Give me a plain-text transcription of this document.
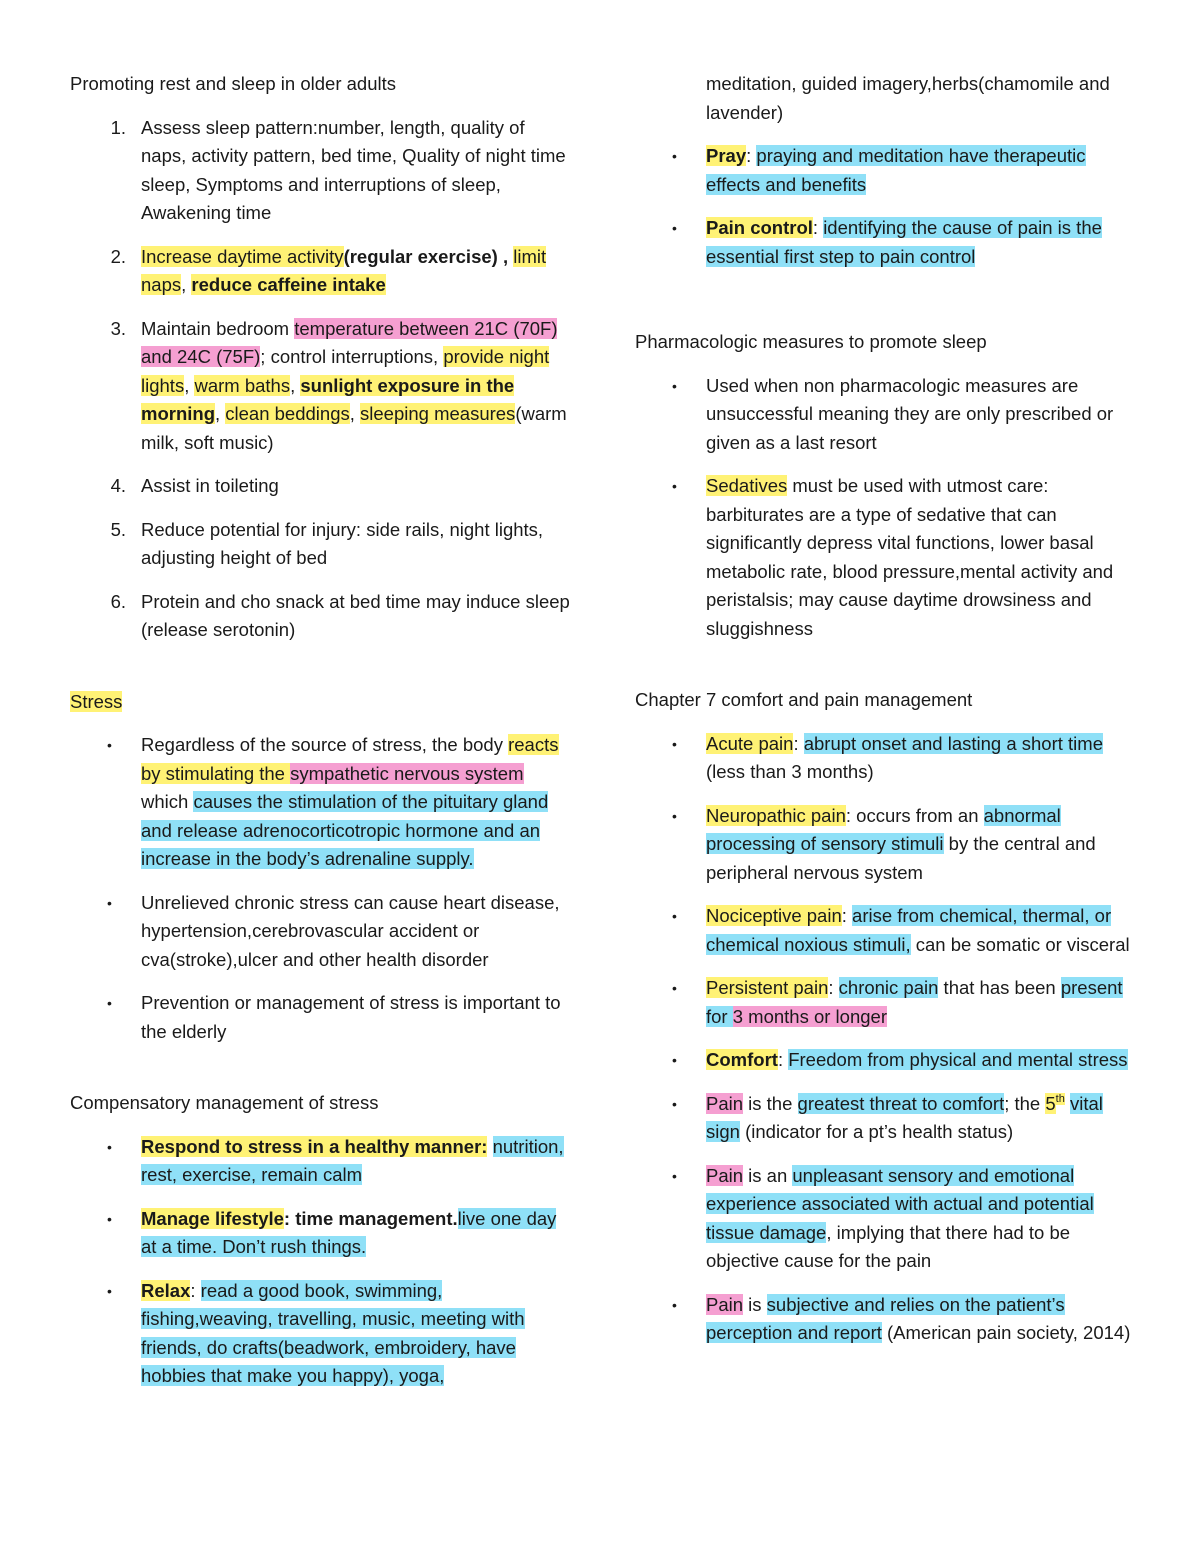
Promoting rest and sleep in older adults
1. Assess sleep pattern:number, length, quality of naps, activity pattern, bed time, Quality of night time sleep, Symptoms and interruptions of sleep, Awakening time
2. Increase daytime activity(regular exercise) , limit naps, reduce caffeine intake
3. Maintain bedroom temperature between 21C (70F) and 24C (75F); control interruptions, provide night lights, warm baths, sunlight exposure in the morning, clean beddings, sleeping measures(warm milk, soft music)
4. Assist in toileting
5. Reduce potential for injury: side rails, night lights, adjusting height of bed
6. Protein and cho snack at bed time may induce sleep (release serotonin)
Stress
• Regardless of the source of stress, the body reacts by stimulating the sympathetic nervous system which causes the stimulation of the pituitary gland and release adrenocorticotropic hormone and an increase in the body’s adrenaline supply.
• Unrelieved chronic stress can cause heart disease, hypertension,cerebrovascular accident or cva(stroke),ulcer and other health disorder
• Prevention or management of stress is important to the elderly
Compensatory management of stress
• Respond to stress in a healthy manner: nutrition, rest, exercise, remain calm
• Manage lifestyle: time management.live one day at a time. Don’t rush things.
• Relax: read a good book, swimming, fishing,weaving, travelling, music, meeting with friends, do crafts(beadwork, embroidery, have hobbies that make you happy), yoga,
meditation, guided imagery,herbs(chamomile and lavender)
• Pray: praying and meditation have therapeutic effects and benefits
• Pain control: identifying the cause of pain is the essential first step to pain control
Pharmacologic measures to promote sleep
• Used when non pharmacologic measures are unsuccessful meaning they are only prescribed or given as a last resort
• Sedatives must be used with utmost care: barbiturates are a type of sedative that can significantly depress vital functions, lower basal metabolic rate, blood pressure,mental activity and peristalsis; may cause daytime drowsiness and sluggishness
Chapter 7 comfort and pain management
• Acute pain: abrupt onset and lasting a short time (less than 3 months)
• Neuropathic pain: occurs from an abnormal processing of sensory stimuli by the central and peripheral nervous system
• Nociceptive pain: arise from chemical, thermal, or chemical noxious stimuli, can be somatic or visceral
• Persistent pain: chronic pain that has been present for 3 months or longer
• Comfort: Freedom from physical and mental stress
• Pain is the greatest threat to comfort; the 5th vital sign (indicator for a pt’s health status)
• Pain is an unpleasant sensory and emotional experience associated with actual and potential tissue damage, implying that there had to be objective cause for the pain
• Pain is subjective and relies on the patient’s perception and report (American pain society, 2014)
